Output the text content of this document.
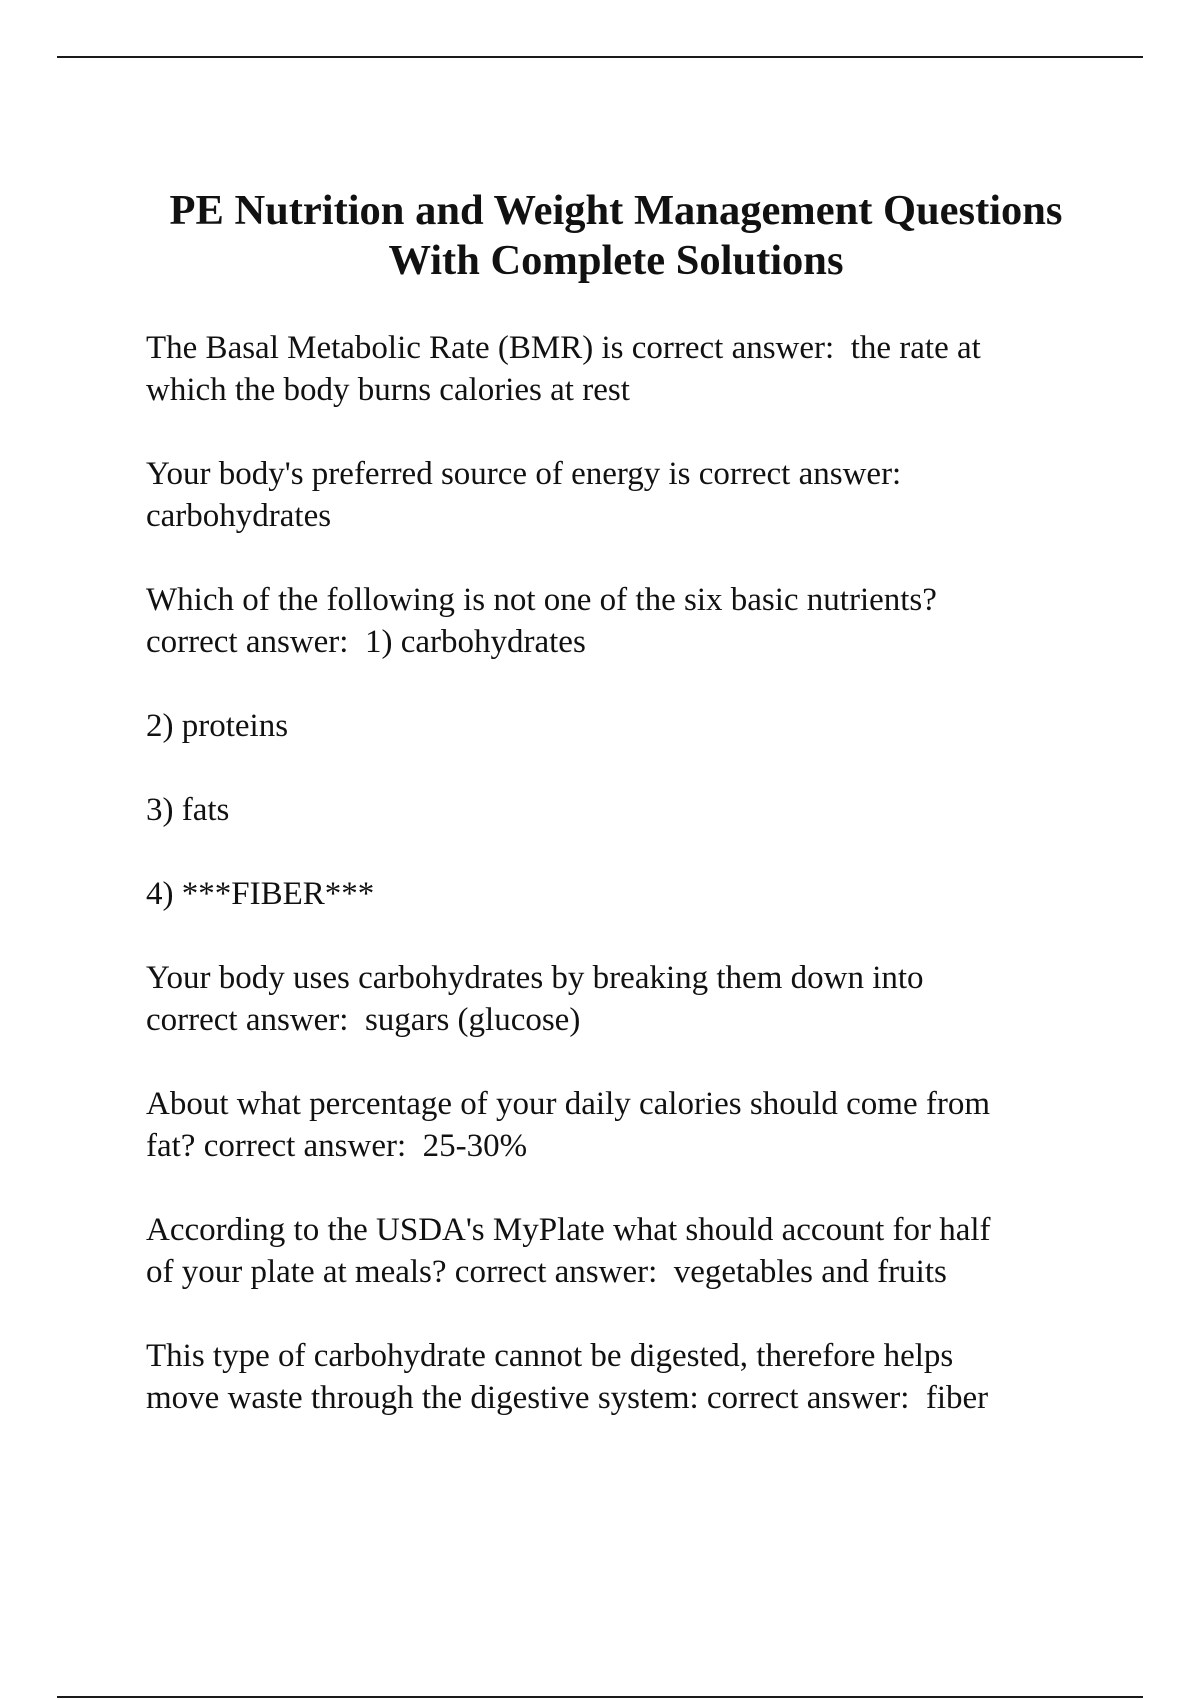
PE Nutrition and Weight Management Questions
With Complete Solutions

The Basal Metabolic Rate (BMR) is correct answer:  the rate at
which the body burns calories at rest

Your body's preferred source of energy is correct answer:
carbohydrates

Which of the following is not one of the six basic nutrients?
correct answer:  1) carbohydrates

2) proteins

3) fats

4) ***FIBER***

Your body uses carbohydrates by breaking them down into
correct answer:  sugars (glucose)

About what percentage of your daily calories should come from
fat? correct answer:  25-30%

According to the USDA's MyPlate what should account for half
of your plate at meals? correct answer:  vegetables and fruits

This type of carbohydrate cannot be digested, therefore helps
move waste through the digestive system: correct answer:  fiber
